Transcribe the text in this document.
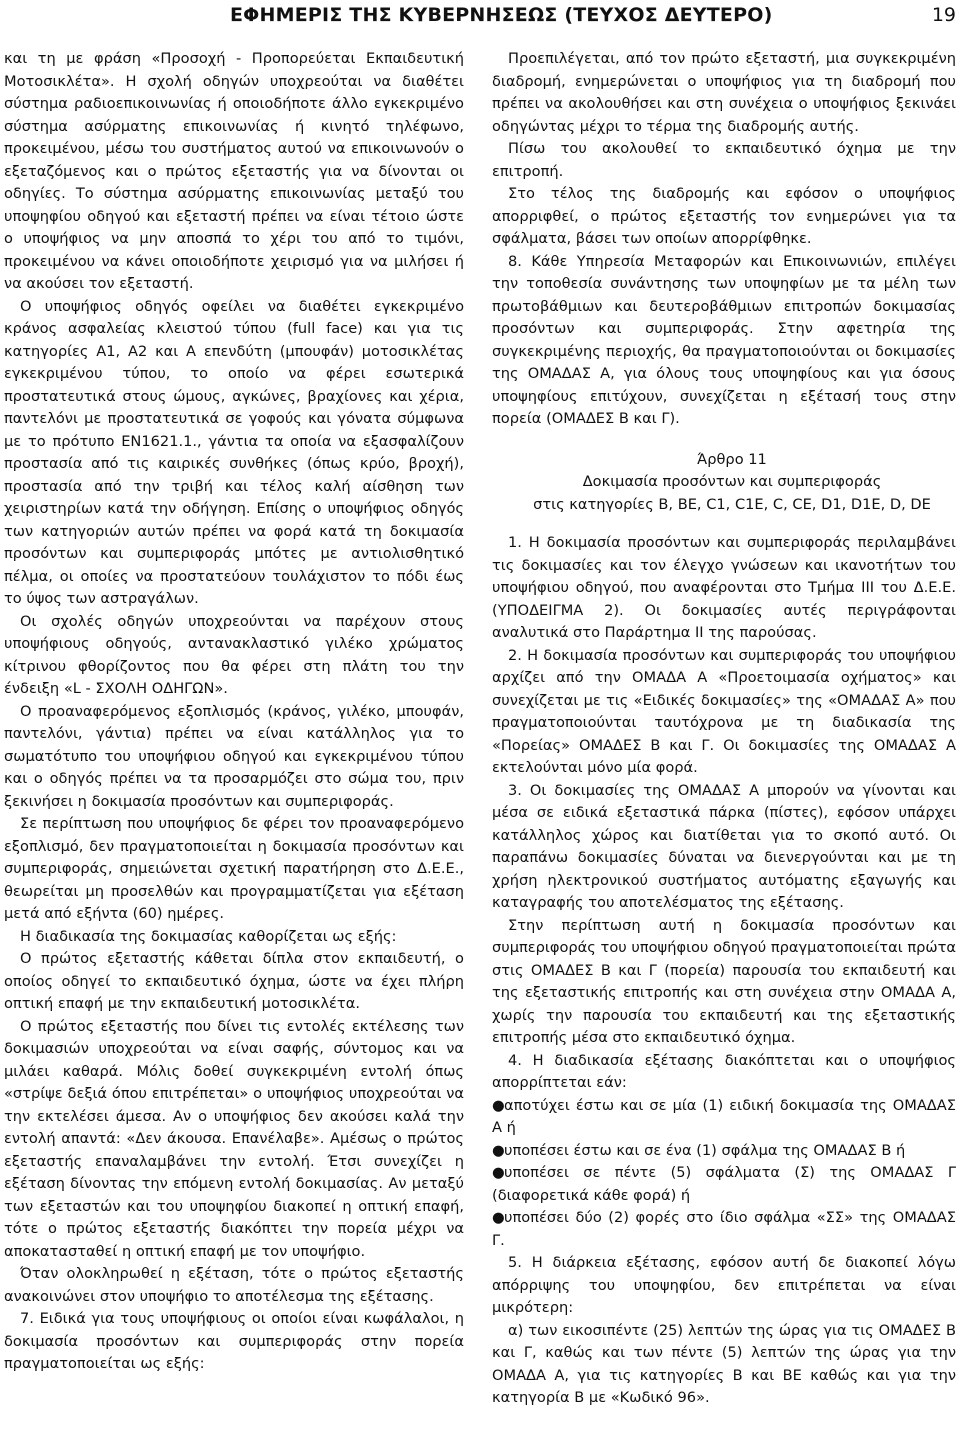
ΕΦΗΜΕΡΙΣ ΤΗΣ ΚΥΒΕΡΝΗΣΕΩΣ (ΤΕΥΧΟΣ ΔΕΥΤΕΡΟ)	19

και τη με φράση «Προσοχή - Προπορεύεται Εκπαιδευτική Μοτοσικλέτα». Η σχολή οδηγών υποχρεούται να διαθέτει σύστημα ραδιοεπικοινωνίας ή οποιοδήποτε άλλο εγκεκριμένο σύστημα ασύρματης επικοινωνίας ή κινητό τηλέφωνο, προκειμένου, μέσω του συστήματος αυτού να επικοινωνούν ο εξεταζόμενος και ο πρώτος εξεταστής για να δίνονται οι οδηγίες. Το σύστημα ασύρματης επικοινωνίας μεταξύ του υποψηφίου οδηγού και εξεταστή πρέπει να είναι τέτοιο ώστε ο υποψήφιος να μην αποσπά το χέρι του από το τιμόνι, προκειμένου να κάνει οποιοδήποτε χειρισμό για να μιλήσει ή να ακούσει τον εξεταστή.

Ο υποψήφιος οδηγός οφείλει να διαθέτει εγκεκριμένο κράνος ασφαλείας κλειστού τύπου (full face) και για τις κατηγορίες Α1, Α2 και Α επενδύτη (μπουφάν) μοτοσικλέτας εγκεκριμένου τύπου, το οποίο να φέρει εσωτερικά προστατευτικά στους ώμους, αγκώνες, βραχίονες και χέρια, παντελόνι με προστατευτικά σε γοφούς και γόνατα σύμφωνα με το πρότυπο ΕΝ1621.1., γάντια τα οποία να εξασφαλίζουν προστασία από τις καιρικές συνθήκες (όπως κρύο, βροχή), προστασία από την τριβή και τέλος καλή αίσθηση των χειριστηρίων κατά την οδήγηση. Επίσης ο υποψήφιος οδηγός των κατηγοριών αυτών πρέπει να φορά κατά τη δοκιμασία προσόντων και συμπεριφοράς μπότες με αντιολισθητικό πέλμα, οι οποίες να προστατεύουν τουλάχιστον το πόδι έως το ύψος των αστραγάλων.

Οι σχολές οδηγών υποχρεούνται να παρέχουν στους υποψήφιους οδηγούς, αντανακλαστικό γιλέκο χρώματος κίτρινου φθορίζοντος που θα φέρει στη πλάτη του την ένδειξη «L - ΣΧΟΛΗ ΟΔΗΓΩΝ».

Ο προαναφερόμενος εξοπλισμός (κράνος, γιλέκο, μπουφάν, παντελόνι, γάντια) πρέπει να είναι κατάλληλος για το σωματότυπο του υποψήφιου οδηγού και εγκεκριμένου τύπου και ο οδηγός πρέπει να τα προσαρμόζει στο σώμα του, πριν ξεκινήσει η δοκιμασία προσόντων και συμπεριφοράς.

Σε περίπτωση που υποψήφιος δε φέρει τον προαναφερόμενο εξοπλισμό, δεν πραγματοποιείται η δοκιμασία προσόντων και συμπεριφοράς, σημειώνεται σχετική παρατήρηση στο Δ.Ε.Ε., θεωρείται μη προσελθών και προγραμματίζεται για εξέταση μετά από εξήντα (60) ημέρες.

Η διαδικασία της δοκιμασίας καθορίζεται ως εξής:

Ο πρώτος εξεταστής κάθεται δίπλα στον εκπαιδευτή, ο οποίος οδηγεί το εκπαιδευτικό όχημα, ώστε να έχει πλήρη οπτική επαφή με την εκπαιδευτική μοτοσικλέτα.

Ο πρώτος εξεταστής που δίνει τις εντολές εκτέλεσης των δοκιμασιών υποχρεούται να είναι σαφής, σύντομος και να μιλάει καθαρά. Μόλις δοθεί συγκεκριμένη εντολή όπως «στρίψε δεξιά όπου επιτρέπεται» ο υποψήφιος υποχρεούται να την εκτελέσει άμεσα. Αν ο υποψήφιος δεν ακούσει καλά την εντολή απαντά: «Δεν άκουσα. Επανέλαβε». Αμέσως ο πρώτος εξεταστής επαναλαμβάνει την εντολή. Έτσι συνεχίζει η εξέταση δίνοντας την επόμενη εντολή δοκιμασίας. Αν μεταξύ των εξεταστών και του υποψηφίου διακοπεί η οπτική επαφή, τότε ο πρώτος εξεταστής διακόπτει την πορεία μέχρι να αποκατασταθεί η οπτική επαφή με τον υποψήφιο.

Όταν ολοκληρωθεί η εξέταση, τότε ο πρώτος εξεταστής ανακοινώνει στον υποψήφιο το αποτέλεσμα της εξέτασης.

7. Ειδικά για τους υποψήφιους οι οποίοι είναι κωφάλαλοι, η δοκιμασία προσόντων και συμπεριφοράς στην πορεία πραγματοποιείται ως εξής:

Προεπιλέγεται, από τον πρώτο εξεταστή, μια συγκεκριμένη διαδρομή, ενημερώνεται ο υποψήφιος για τη διαδρομή που πρέπει να ακολουθήσει και στη συνέχεια ο υποψήφιος ξεκινάει οδηγώντας μέχρι το τέρμα της διαδρομής αυτής.

Πίσω του ακολουθεί το εκπαιδευτικό όχημα με την επιτροπή.

Στο τέλος της διαδρομής και εφόσον ο υποψήφιος απορριφθεί, ο πρώτος εξεταστής τον ενημερώνει για τα σφάλματα, βάσει των οποίων απορρίφθηκε.

8. Κάθε Υπηρεσία Μεταφορών και Επικοινωνιών, επιλέγει την τοποθεσία συνάντησης των υποψηφίων με τα μέλη των πρωτοβάθμιων και δευτεροβάθμιων επιτροπών δοκιμασίας προσόντων και συμπεριφοράς. Στην αφετηρία της συγκεκριμένης περιοχής, θα πραγματοποιούνται οι δοκιμασίες της ΟΜΑΔΑΣ Α, για όλους τους υποψηφίους και για όσους υποψηφίους επιτύχουν, συνεχίζεται η εξέτασή τους στην πορεία (ΟΜΑΔΕΣ Β και Γ).

Άρθρο 11

Δοκιμασία προσόντων και συμπεριφοράς

στις κατηγορίες B, BE, C1, C1E, C, CE, D1, D1E, D, DE

1. Η δοκιμασία προσόντων και συμπεριφοράς περιλαμβάνει τις δοκιμασίες και τον έλεγχο γνώσεων και ικανοτήτων του υποψήφιου οδηγού, που αναφέρονται στο Τμήμα ΙΙΙ του Δ.Ε.Ε. (ΥΠΟΔΕΙΓΜΑ 2). Οι δοκιμασίες αυτές περιγράφονται αναλυτικά στο Παράρτημα ΙΙ της παρούσας.

2. Η δοκιμασία προσόντων και συμπεριφοράς του υποψήφιου αρχίζει από την ΟΜΑΔΑ Α «Προετοιμασία οχήματος» και συνεχίζεται με τις «Ειδικές δοκιμασίες» της «ΟΜΑΔΑΣ Α» που πραγματοποιούνται ταυτόχρονα με τη διαδικασία της «Πορείας» ΟΜΑΔΕΣ Β και Γ. Οι δοκιμασίες της ΟΜΑΔΑΣ Α εκτελούνται μόνο μία φορά.

3. Οι δοκιμασίες της ΟΜΑΔΑΣ Α μπορούν να γίνονται και μέσα σε ειδικά εξεταστικά πάρκα (πίστες), εφόσον υπάρχει κατάλληλος χώρος και διατίθεται για το σκοπό αυτό. Οι παραπάνω δοκιμασίες δύναται να διενεργούνται και με τη χρήση ηλεκτρονικού συστήματος αυτόματης εξαγωγής και καταγραφής του αποτελέσματος της εξέτασης.

Στην περίπτωση αυτή η δοκιμασία προσόντων και συμπεριφοράς του υποψήφιου οδηγού πραγματοποιείται πρώτα στις ΟΜΑΔΕΣ Β και Γ (πορεία) παρουσία του εκπαιδευτή και της εξεταστικής επιτροπής και στη συνέχεια στην ΟΜΑΔΑ Α, χωρίς την παρουσία του εκπαιδευτή και της εξεταστικής επιτροπής μέσα στο εκπαιδευτικό όχημα.

4. Η διαδικασία εξέτασης διακόπτεται και ο υποψήφιος απορρίπτεται εάν:

●αποτύχει έστω και σε μία (1) ειδική δοκιμασία της ΟΜΑΔΑΣ Α ή

●υποπέσει έστω και σε ένα (1) σφάλμα της ΟΜΑΔΑΣ Β ή

●υποπέσει σε πέντε (5) σφάλματα (Σ) της ΟΜΑΔΑΣ Γ (διαφορετικά κάθε φορά) ή

●υποπέσει δύο (2) φορές στο ίδιο σφάλμα «ΣΣ» της ΟΜΑΔΑΣ Γ.

5. Η διάρκεια εξέτασης, εφόσον αυτή δε διακοπεί λόγω απόρριψης του υποψηφίου, δεν επιτρέπεται να είναι μικρότερη:

α) των εικοσιπέντε (25) λεπτών της ώρας για τις ΟΜΑΔΕΣ Β και Γ, καθώς και των πέντε (5) λεπτών της ώρας για την ΟΜΑΔΑ Α, για τις κατηγορίες Β και ΒΕ καθώς και για την κατηγορία Β με «Κωδικό 96».
